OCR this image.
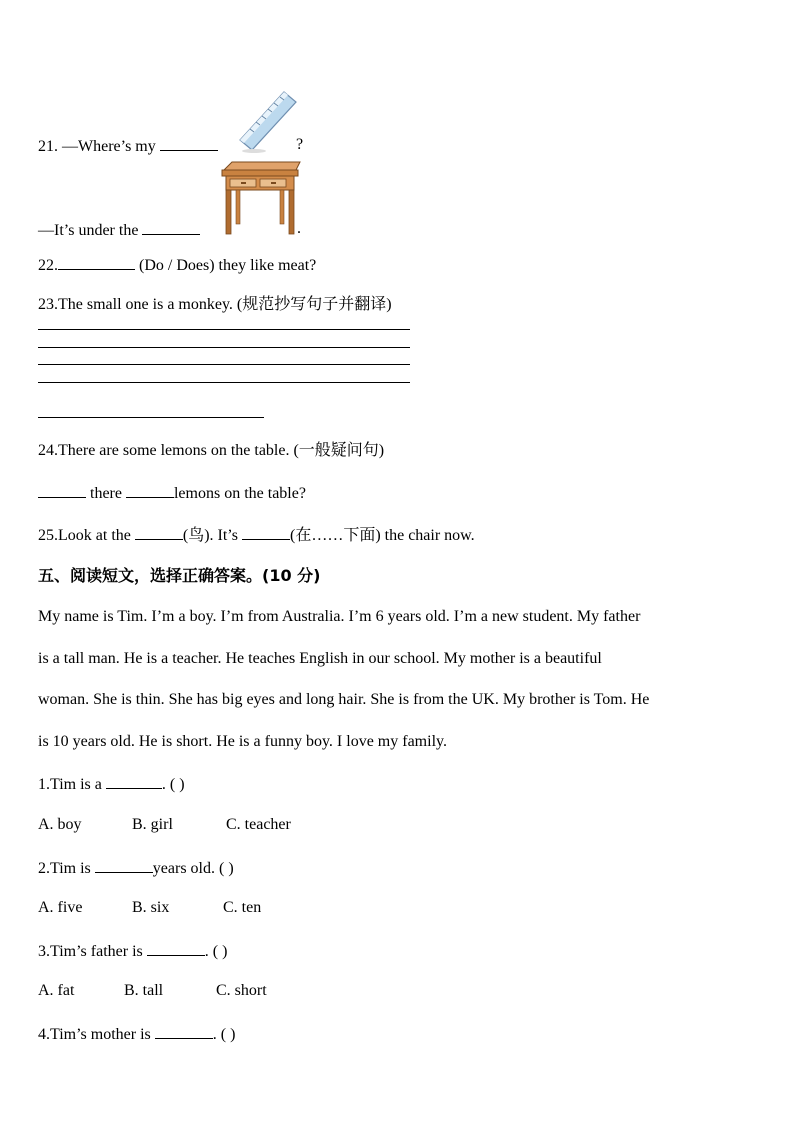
21. —Where’s my	?
—It’s under the	.
22.	(Do / Does) they like meat?
23.The small one is a monkey. (规范抄写句子并翻译)
24.There are some lemons on the table. (一般疑问句)
there	lemons on the table?
25.Look at the	(鸟). It’s	(在……下面) the chair now.
五、阅读短文，选择正确答案。(10 分)
My name is Tim. I’m a boy. I’m from Australia. I’m 6 years old. I’m a new student. My father
is a tall man. He is a teacher. He teaches English in our school. My mother is a beautiful
woman. She is thin. She has big eyes and long hair. She is from the UK. My brother is Tom. He
is 10 years old. He is short. He is a funny boy. I love my family.
1.Tim is a	. ( )
A. boy	B. girl	C. teacher
2.Tim is	years old. ( )
A. five	B. six	C. ten
3.Tim’s father is	. ( )
A. fat	B. tall	C. short
4.Tim’s mother is	. ( )
